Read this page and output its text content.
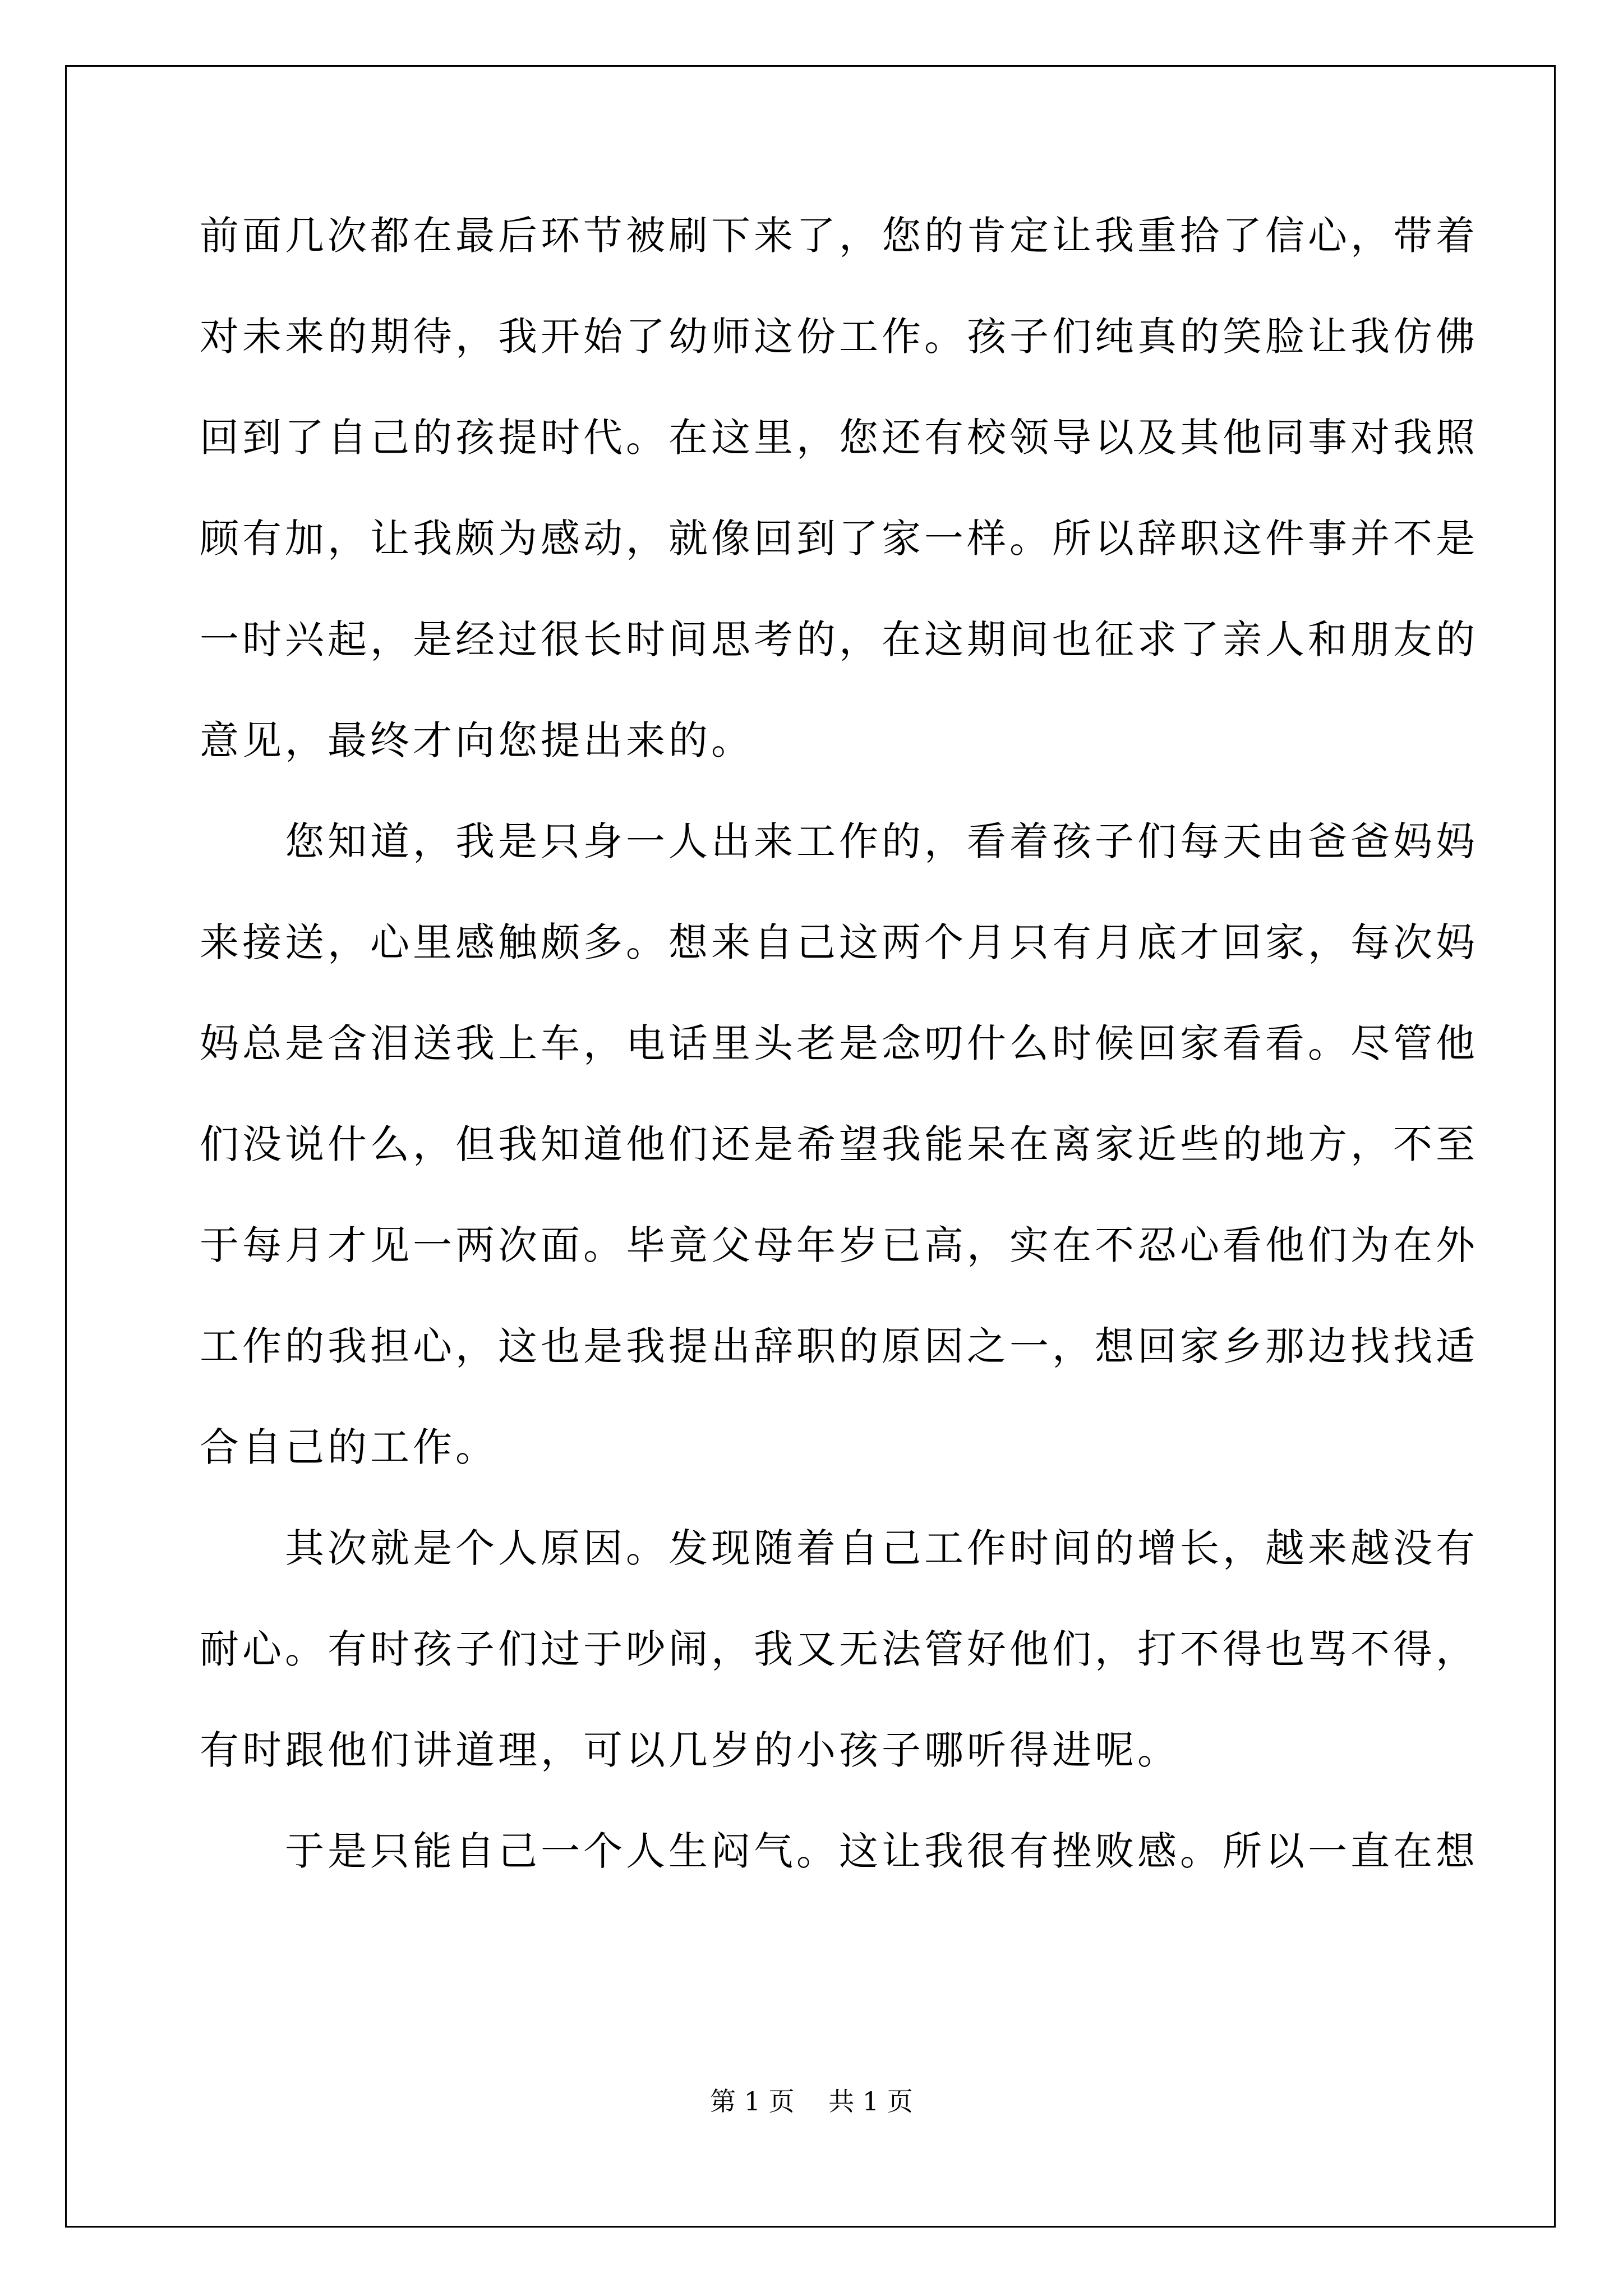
前面几次都在最后环节被刷下来了，您的肯定让我重拾了信心，带着
对未来的期待，我开始了幼师这份工作。孩子们纯真的笑脸让我仿佛
回到了自己的孩提时代。在这里，您还有校领导以及其他同事对我照
顾有加，让我颇为感动，就像回到了家一样。所以辞职这件事并不是
一时兴起，是经过很长时间思考的，在这期间也征求了亲人和朋友的
意见，最终才向您提出来的。
　　您知道，我是只身一人出来工作的，看着孩子们每天由爸爸妈妈
来接送，心里感触颇多。想来自己这两个月只有月底才回家，每次妈
妈总是含泪送我上车，电话里头老是念叨什么时候回家看看。尽管他
们没说什么，但我知道他们还是希望我能呆在离家近些的地方，不至
于每月才见一两次面。毕竟父母年岁已高，实在不忍心看他们为在外
工作的我担心，这也是我提出辞职的原因之一，想回家乡那边找找适
合自己的工作。
　　其次就是个人原因。发现随着自己工作时间的增长，越来越没有
耐心。有时孩子们过于吵闹，我又无法管好他们，打不得也骂不得，
有时跟他们讲道理，可以几岁的小孩子哪听得进呢。
　　于是只能自己一个人生闷气。这让我很有挫败感。所以一直在想
第 1 页　 共 1 页
